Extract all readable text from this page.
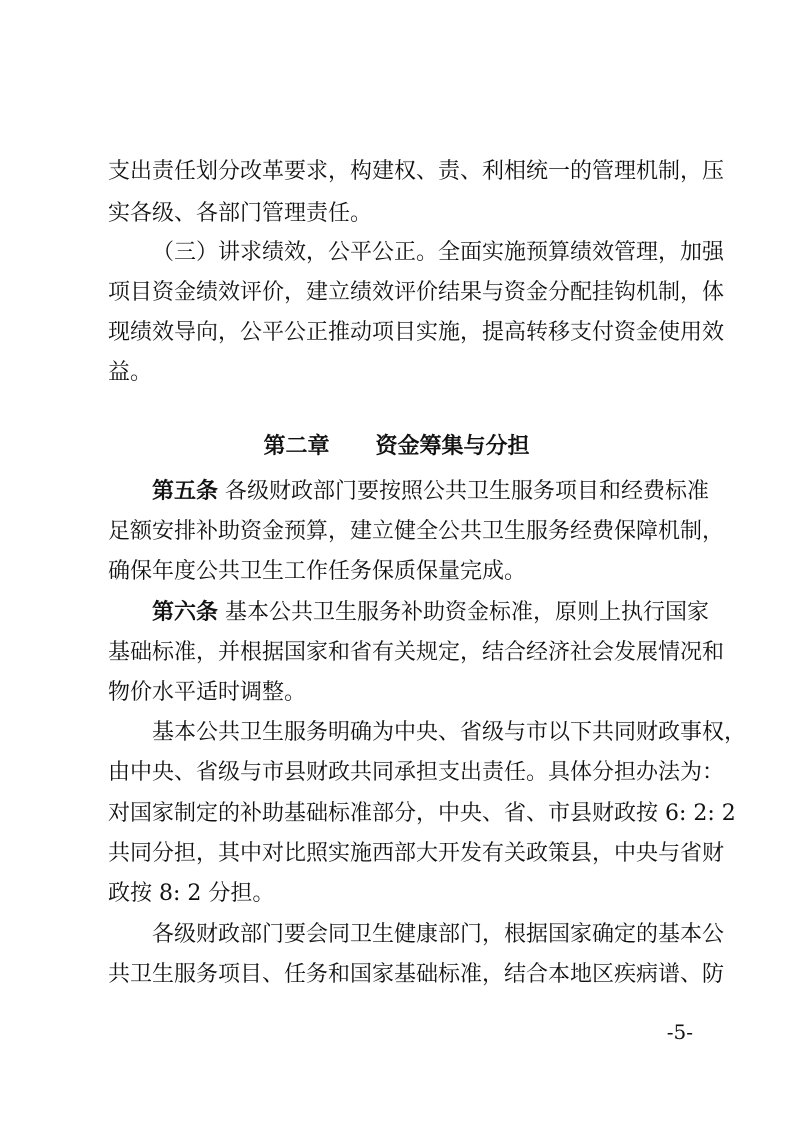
支出责任划分改革要求，构建权、责、利相统一的管理机制，压
实各级、各部门管理责任。
（三）讲求绩效，公平公正。全面实施预算绩效管理，加强
项目资金绩效评价，建立绩效评价结果与资金分配挂钩机制，体
现绩效导向，公平公正推动项目实施，提高转移支付资金使用效
益。
第二章      资金筹集与分担
第五条 各级财政部门要按照公共卫生服务项目和经费标准
足额安排补助资金预算，建立健全公共卫生服务经费保障机制，
确保年度公共卫生工作任务保质保量完成。
第六条 基本公共卫生服务补助资金标准，原则上执行国家
基础标准，并根据国家和省有关规定，结合经济社会发展情况和
物价水平适时调整。
基本公共卫生服务明确为中央、省级与市以下共同财政事权，
由中央、省级与市县财政共同承担支出责任。具体分担办法为：
对国家制定的补助基础标准部分，中央、省、市县财政按 6: 2: 2
共同分担，其中对比照实施西部大开发有关政策县，中央与省财
政按 8: 2 分担。
各级财政部门要会同卫生健康部门，根据国家确定的基本公
共卫生服务项目、任务和国家基础标准，结合本地区疾病谱、防
-5-
